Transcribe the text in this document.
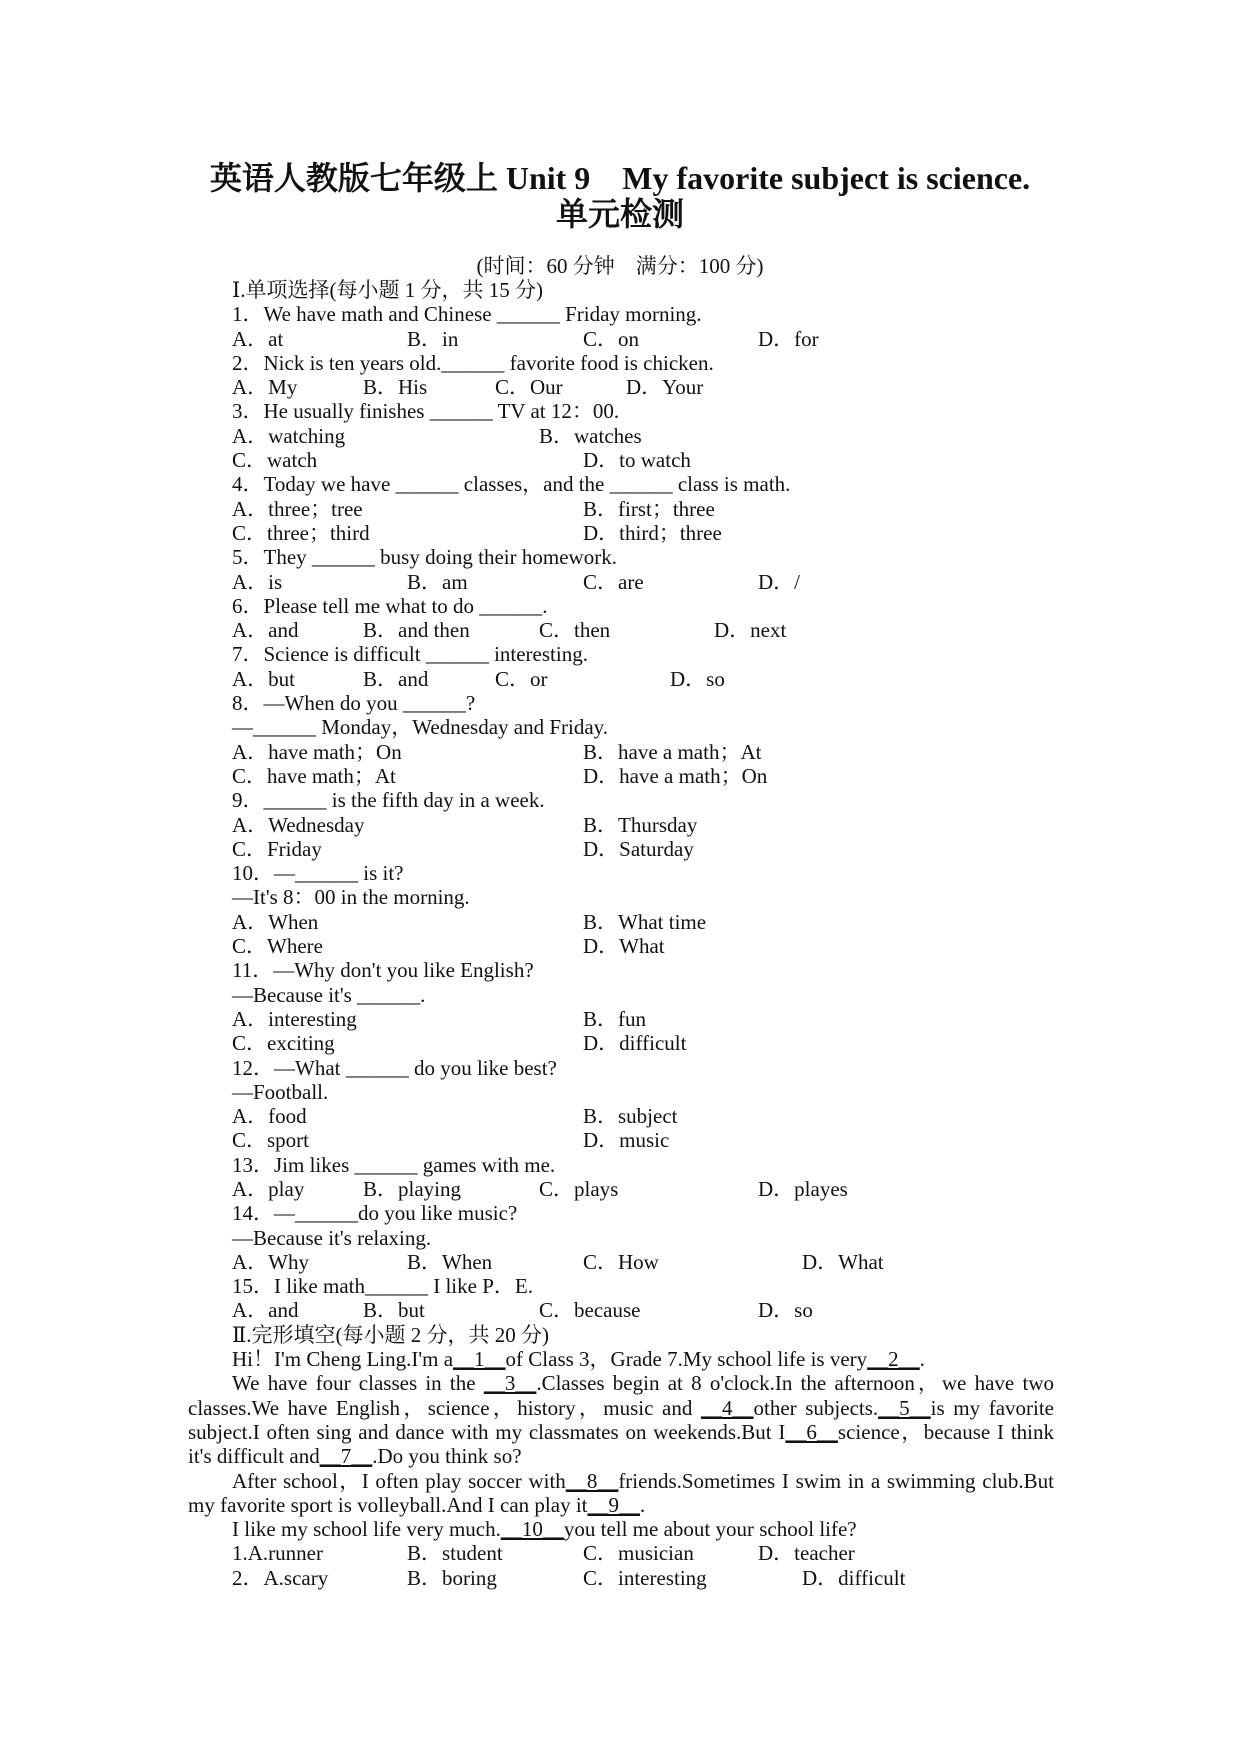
英语人教版七年级上 Unit 9　My favorite subject is science.
单元检测
(时间：60 分钟　满分：100 分)
Ⅰ.单项选择(每小题 1 分，共 15 分)
1．We have math and Chinese ______ Friday morning.

A．at

	B．in

	C．on

	D．for

2．Nick is ten years old.______ favorite food is chicken.

A．My

	B．His

	C．Our

	D．Your

3．He usually finishes ______ TV at 12：00.

A．watching

	B．watches

C．watch

	D．to watch

4．Today we have ______ classes，and the ______ class is math.

A．three；tree

	B．first；three

C．three；third

	D．third；three

5．They ______ busy doing their homework.

A．is

	B．am

	C．are

	D．/

6．Please tell me what to do ______.

A．and

	B．and then

	C．then

	D．next

7．Science is difficult ______ interesting.

A．but

	B．and

	C．or

	D．so

8．—When do you ______?
—______ Monday，Wednesday and Friday.

A．have math；On

	B．have a math；At

C．have math；At

	D．have a math；On

9．______ is the fifth day in a week.

A．Wednesday

	B．Thursday

C．Friday

	D．Saturday

10．—______ is it?
—It's 8：00 in the morning.

A．When

	B．What time

C．Where

	D．What

11．—Why don't you like English?
—Because it's ______.

A．interesting

	B．fun

C．exciting

	D．difficult

12．—What ______ do you like best?
—Football.

A．food

	B．subject

C．sport

	D．music

13．Jim likes ______ games with me.

A．play

	B．playing

	C．plays

	D．playes

14．—______do you like music?
—Because it's relaxing.

A．Why

	B．When

	C．How

	D．What

15．I like math______ I like P．E.

A．and

	B．but

	C．because

	D．so

Ⅱ.完形填空(每小题 2 分，共 20 分)
Hi！I'm Cheng Ling.I'm a__1__of Class 3，Grade 7.My school life is very__2__.
We have four classes in the __3__.Classes begin at 8 o'clock.In the afternoon，we have two classes.We have English，science，history，music and __4__other subjects.__5__is my favorite subject.I often sing and dance with my classmates on weekends.But I__6__science，because I think it's difficult and__7__.Do you think so?
After school，I often play soccer with__8__friends.Sometimes I swim in a swimming club.But my favorite sport is volleyball.And I can play it__9__.
I like my school life very much.__10__you tell me about your school life?

1.A.runner

	B．student

	C．musician

	D．teacher

2．A.scary

	B．boring

	C．interesting

	D．difficult
